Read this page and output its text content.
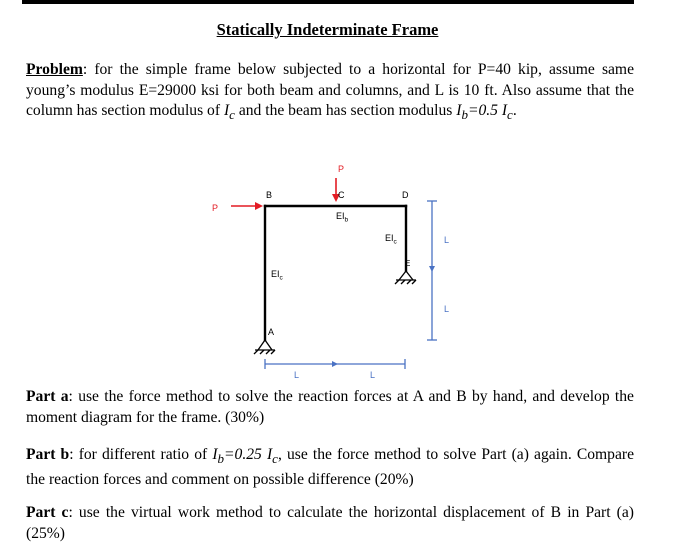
Statically Indeterminate Frame
Problem: for the simple frame below subjected to a horizontal for P=40 kip, assume same young’s modulus E=29000 ksi for both beam and columns, and L is 10 ft. Also assume that the column has section modulus of $I_c$ and the beam has section modulus $I_b=0.5$ $I_c$.
P
P
B	C	D
E
A
$EI_b$
$EI_c$
$EI_c$
L	L
L
L
Part a: use the force method to solve the reaction forces at A and B by hand, and develop the moment diagram for the frame. (30%)
Part b: for different ratio of $I_b=0.25$ $I_c$, use the force method to solve Part (a) again. Compare the reaction forces and comment on possible difference (20%)
Part c: use the virtual work method to calculate the horizontal displacement of B in Part (a) (25%)
